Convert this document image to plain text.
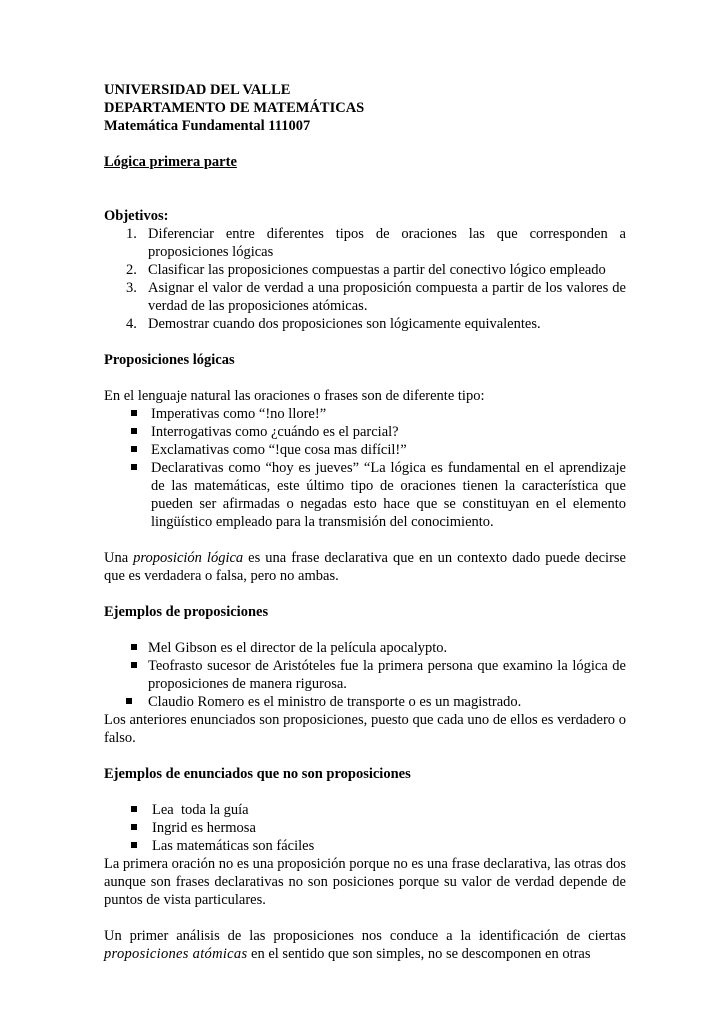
UNIVERSIDAD DEL VALLE
DEPARTAMENTO DE MATEMÁTICAS
Matemática Fundamental 111007
Lógica primera parte
Objetivos:
1. Diferenciar entre diferentes tipos de oraciones las que corresponden a proposiciones lógicas
2. Clasificar las proposiciones compuestas a partir del conectivo lógico empleado
3. Asignar el valor de verdad a una proposición compuesta a partir de los valores de verdad de las proposiciones atómicas.
4. Demostrar cuando dos proposiciones son lógicamente equivalentes.
Proposiciones lógicas

En el lenguaje natural las oraciones o frases son de diferente tipo:

Imperativas como “!no llore!”
Interrogativas como ¿cuándo es el parcial?
Exclamativas como “!que cosa mas difícil!”
Declarativas como “hoy es jueves” “La lógica es fundamental en el aprendizaje de las matemáticas, este último tipo de oraciones tienen la característica que pueden ser afirmadas o negadas esto hace que se constituyan en el elemento lingüístico empleado para la transmisión del conocimiento.

Una proposición lógica es una frase declarativa que en un contexto dado puede decirse que es verdadera o falsa, pero no ambas.

Ejemplos de proposiciones
Mel Gibson es el director de la película apocalypto.
Teofrasto sucesor de Aristóteles fue la primera persona que examino la lógica de proposiciones de manera rigurosa.
Claudio Romero es el ministro de transporte o es un magistrado.

Los anteriores enunciados son proposiciones, puesto que cada uno de ellos es verdadero o falso.

Ejemplos de enunciados que no son proposiciones
Lea  toda la guía
Ingrid es hermosa
Las matemáticas son fáciles

La primera oración no es una proposición porque no es una frase declarativa, las otras dos aunque son frases declarativas no son posiciones porque su valor de verdad depende de puntos de vista particulares.

Un primer análisis de las proposiciones nos conduce a la identificación de ciertas proposiciones atómicas en el sentido que son simples, no se descomponen en otras
